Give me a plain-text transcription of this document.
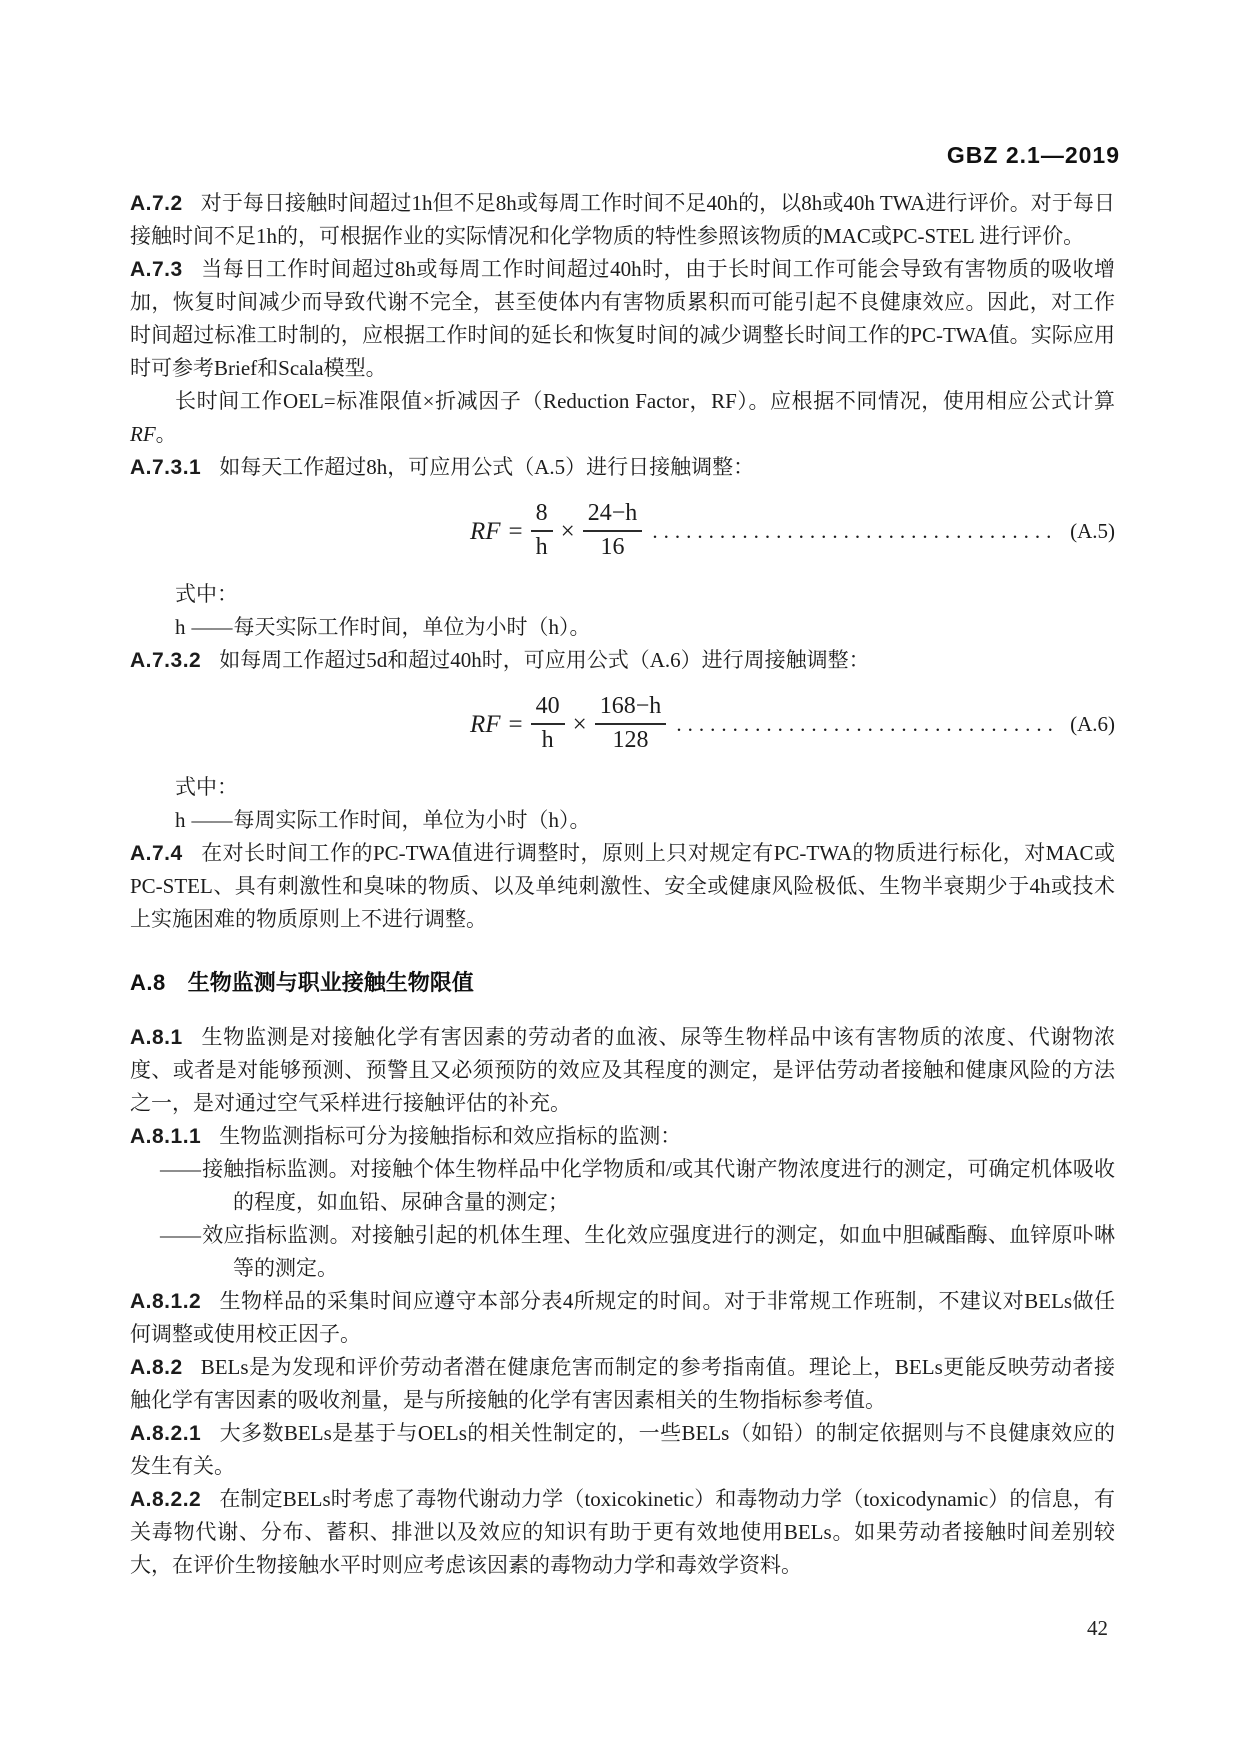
GBZ 2.1—2019

A.7.2 对于每日接触时间超过1h但不足8h或每周工作时间不足40h的，以8h或40h TWA进行评价。对于每日接触时间不足1h的，可根据作业的实际情况和化学物质的特性参照该物质的MAC或PC-STEL 进行评价。

A.7.3 当每日工作时间超过8h或每周工作时间超过40h时，由于长时间工作可能会导致有害物质的吸收增加，恢复时间减少而导致代谢不完全，甚至使体内有害物质累积而可能引起不良健康效应。因此，对工作时间超过标准工时制的，应根据工作时间的延长和恢复时间的减少调整长时间工作的PC-TWA值。实际应用时可参考Brief和Scala模型。

长时间工作OEL=标准限值×折减因子（Reduction Factor，RF）。应根据不同情况，使用相应公式计算RF。

A.7.3.1 如每天工作超过8h，可应用公式（A.5）进行日接触调整：

RF = $\frac{8}{h} \times \frac{24-h}{16}$ .................................... (A.5)

式中：

h ——每天实际工作时间，单位为小时（h）。

A.7.3.2 如每周工作超过5d和超过40h时，可应用公式（A.6）进行周接触调整：

RF = $\frac{40}{h} \times \frac{168-h}{128}$ .................................. (A.6)

式中：

h ——每周实际工作时间，单位为小时（h）。

A.7.4 在对长时间工作的PC-TWA值进行调整时，原则上只对规定有PC-TWA的物质进行标化，对MAC或PC-STEL、具有刺激性和臭味的物质、以及单纯刺激性、安全或健康风险极低、生物半衰期少于4h或技术上实施困难的物质原则上不进行调整。

A.8 生物监测与职业接触生物限值

A.8.1 生物监测是对接触化学有害因素的劳动者的血液、尿等生物样品中该有害物质的浓度、代谢物浓度、或者是对能够预测、预警且又必须预防的效应及其程度的测定，是评估劳动者接触和健康风险的方法之一，是对通过空气采样进行接触评估的补充。

A.8.1.1 生物监测指标可分为接触指标和效应指标的监测：

——接触指标监测。对接触个体生物样品中化学物质和/或其代谢产物浓度进行的测定，可确定机体吸收的程度，如血铅、尿砷含量的测定；

——效应指标监测。对接触引起的机体生理、生化效应强度进行的测定，如血中胆碱酯酶、血锌原卟啉等的测定。

A.8.1.2 生物样品的采集时间应遵守本部分表4所规定的时间。对于非常规工作班制，不建议对BELs做任何调整或使用校正因子。

A.8.2 BELs是为发现和评价劳动者潜在健康危害而制定的参考指南值。理论上，BELs更能反映劳动者接触化学有害因素的吸收剂量，是与所接触的化学有害因素相关的生物指标参考值。

A.8.2.1 大多数BELs是基于与OELs的相关性制定的，一些BELs（如铅）的制定依据则与不良健康效应的发生有关。

A.8.2.2 在制定BELs时考虑了毒物代谢动力学（toxicokinetic）和毒物动力学（toxicodynamic）的信息，有关毒物代谢、分布、蓄积、排泄以及效应的知识有助于更有效地使用BELs。如果劳动者接触时间差别较大，在评价生物接触水平时则应考虑该因素的毒物动力学和毒效学资料。

42
